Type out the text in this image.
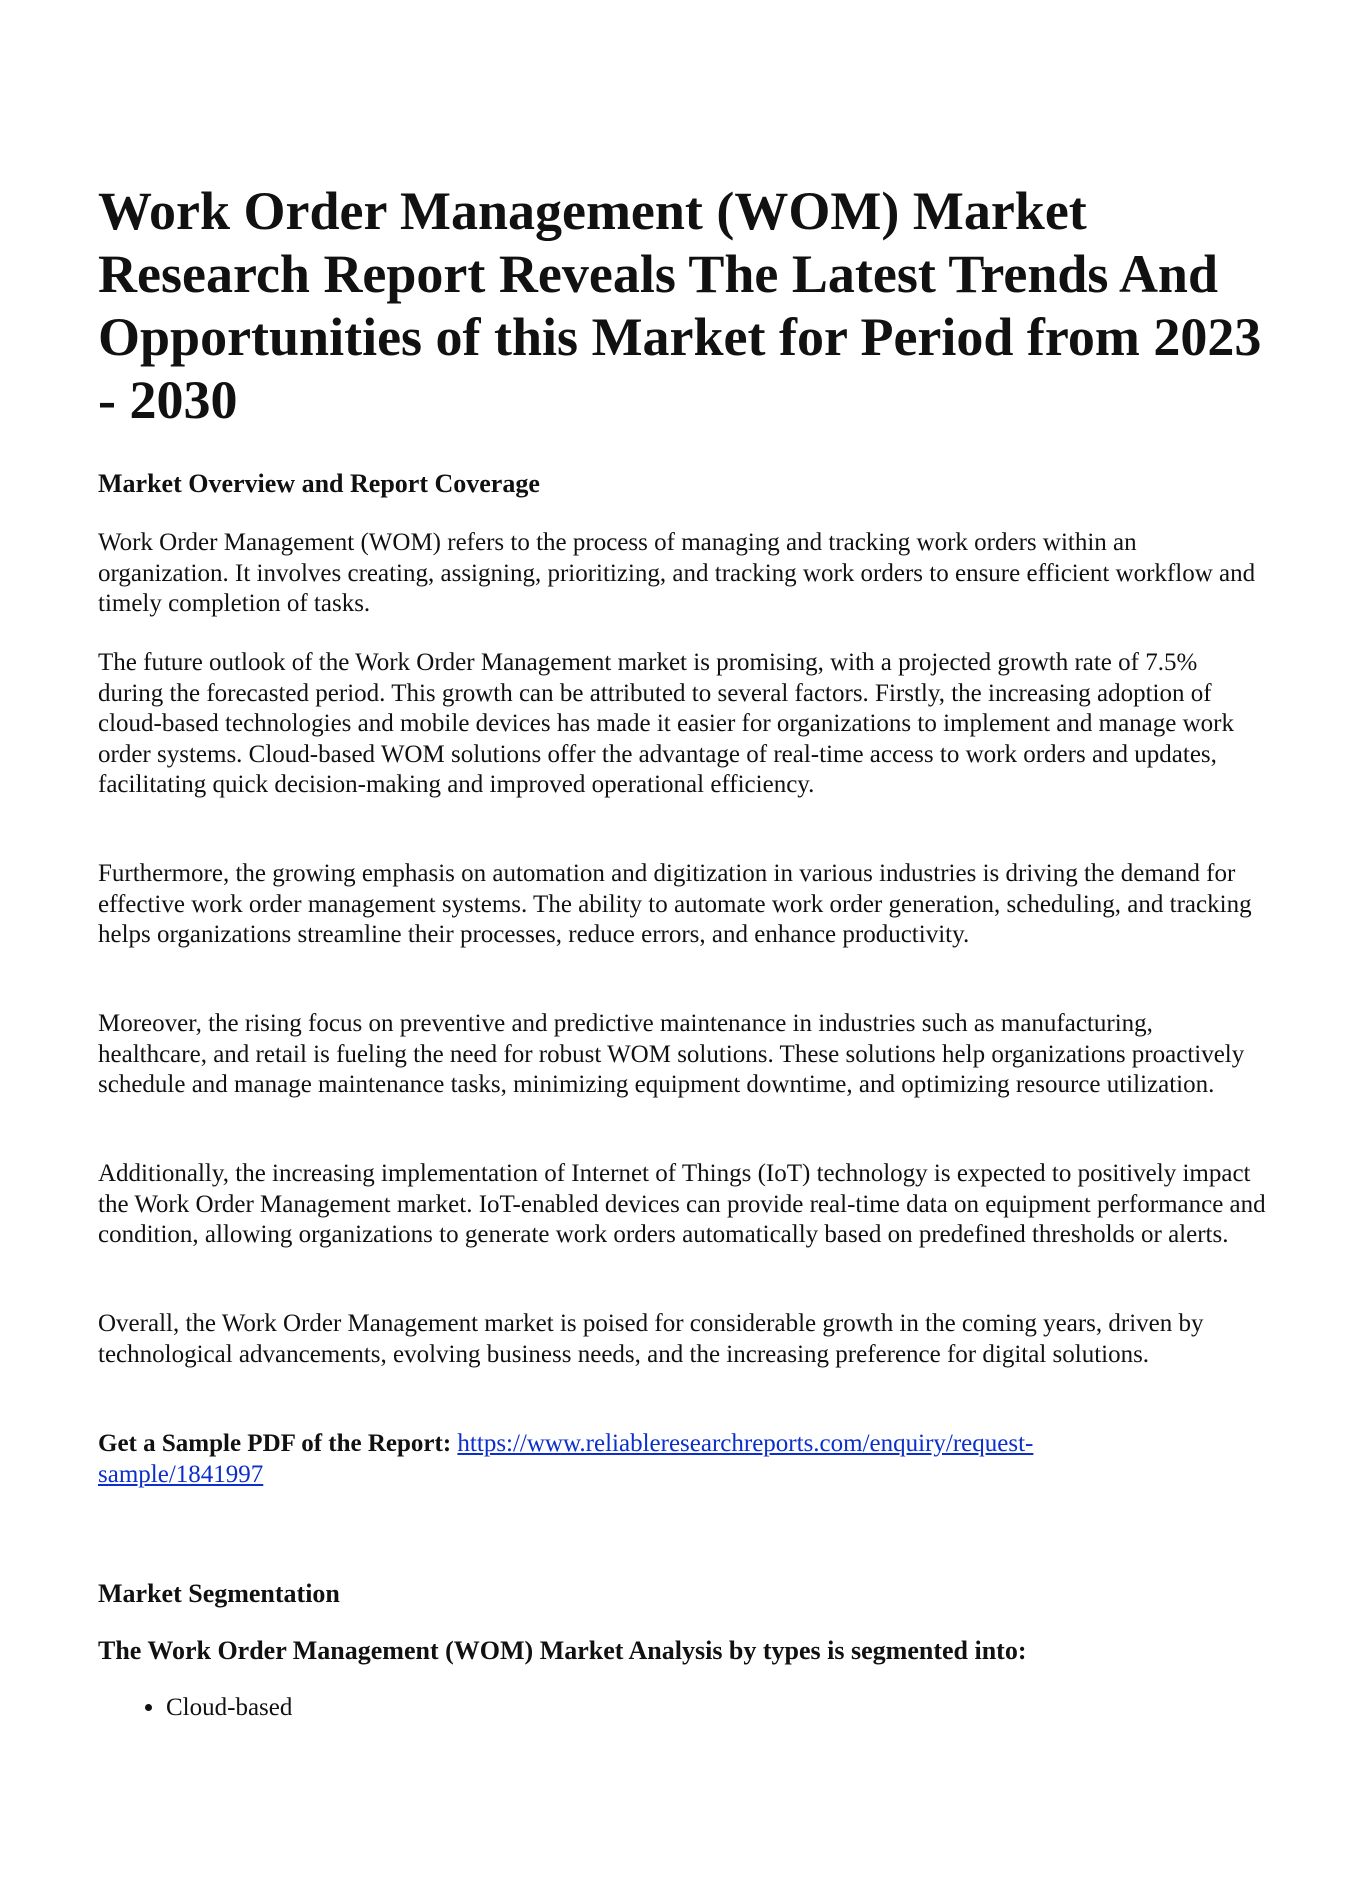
Work Order Management (WOM) Market Research Report Reveals The Latest Trends And Opportunities of this Market for Period from 2023 - 2030
Market Overview and Report Coverage

Work Order Management (WOM) refers to the process of managing and tracking work orders within an organization. It involves creating, assigning, prioritizing, and tracking work orders to ensure efficient workflow and timely completion of tasks.

The future outlook of the Work Order Management market is promising, with a projected growth rate of 7.5% during the forecasted period. This growth can be attributed to several factors. Firstly, the increasing adoption of cloud-based technologies and mobile devices has made it easier for organizations to implement and manage work order systems. Cloud-based WOM solutions offer the advantage of real-time access to work orders and updates, facilitating quick decision-making and improved operational efficiency.

Furthermore, the growing emphasis on automation and digitization in various industries is driving the demand for effective work order management systems. The ability to automate work order generation, scheduling, and tracking helps organizations streamline their processes, reduce errors, and enhance productivity.

Moreover, the rising focus on preventive and predictive maintenance in industries such as manufacturing, healthcare, and retail is fueling the need for robust WOM solutions. These solutions help organizations proactively schedule and manage maintenance tasks, minimizing equipment downtime, and optimizing resource utilization.

Additionally, the increasing implementation of Internet of Things (IoT) technology is expected to positively impact the Work Order Management market. IoT-enabled devices can provide real-time data on equipment performance and condition, allowing organizations to generate work orders automatically based on predefined thresholds or alerts.

Overall, the Work Order Management market is poised for considerable growth in the coming years, driven by technological advancements, evolving business needs, and the increasing preference for digital solutions.

Get a Sample PDF of the Report: https://www.reliableresearchreports.com/enquiry/request-sample/1841997

Market Segmentation
The Work Order Management (WOM) Market Analysis by types is segmented into:
• Cloud-based
